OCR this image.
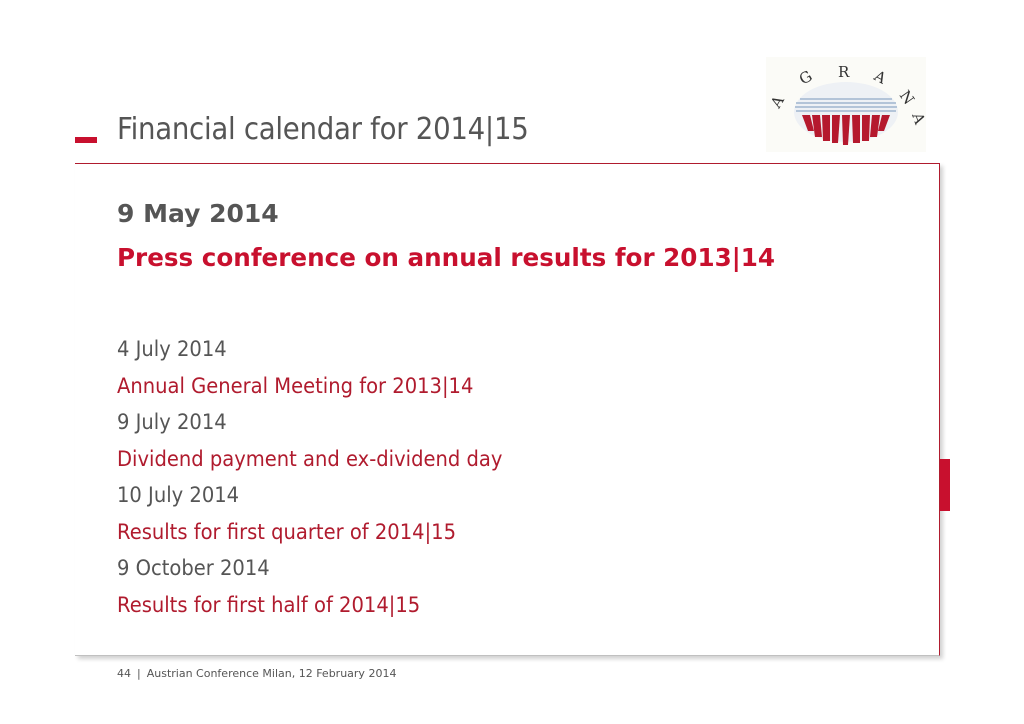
Financial calendar for 2014|15
A
G R A
N
A
9 May 2014
Press conference on annual results for 2013|14
4 July 2014
Annual General Meeting for 2013|14
9 July 2014
Dividend payment and ex-dividend day
10 July 2014
Results for first quarter of 2014|15
9 October 2014
Results for first half of 2014|15
44 | Austrian Conference Milan, 12 February 2014
